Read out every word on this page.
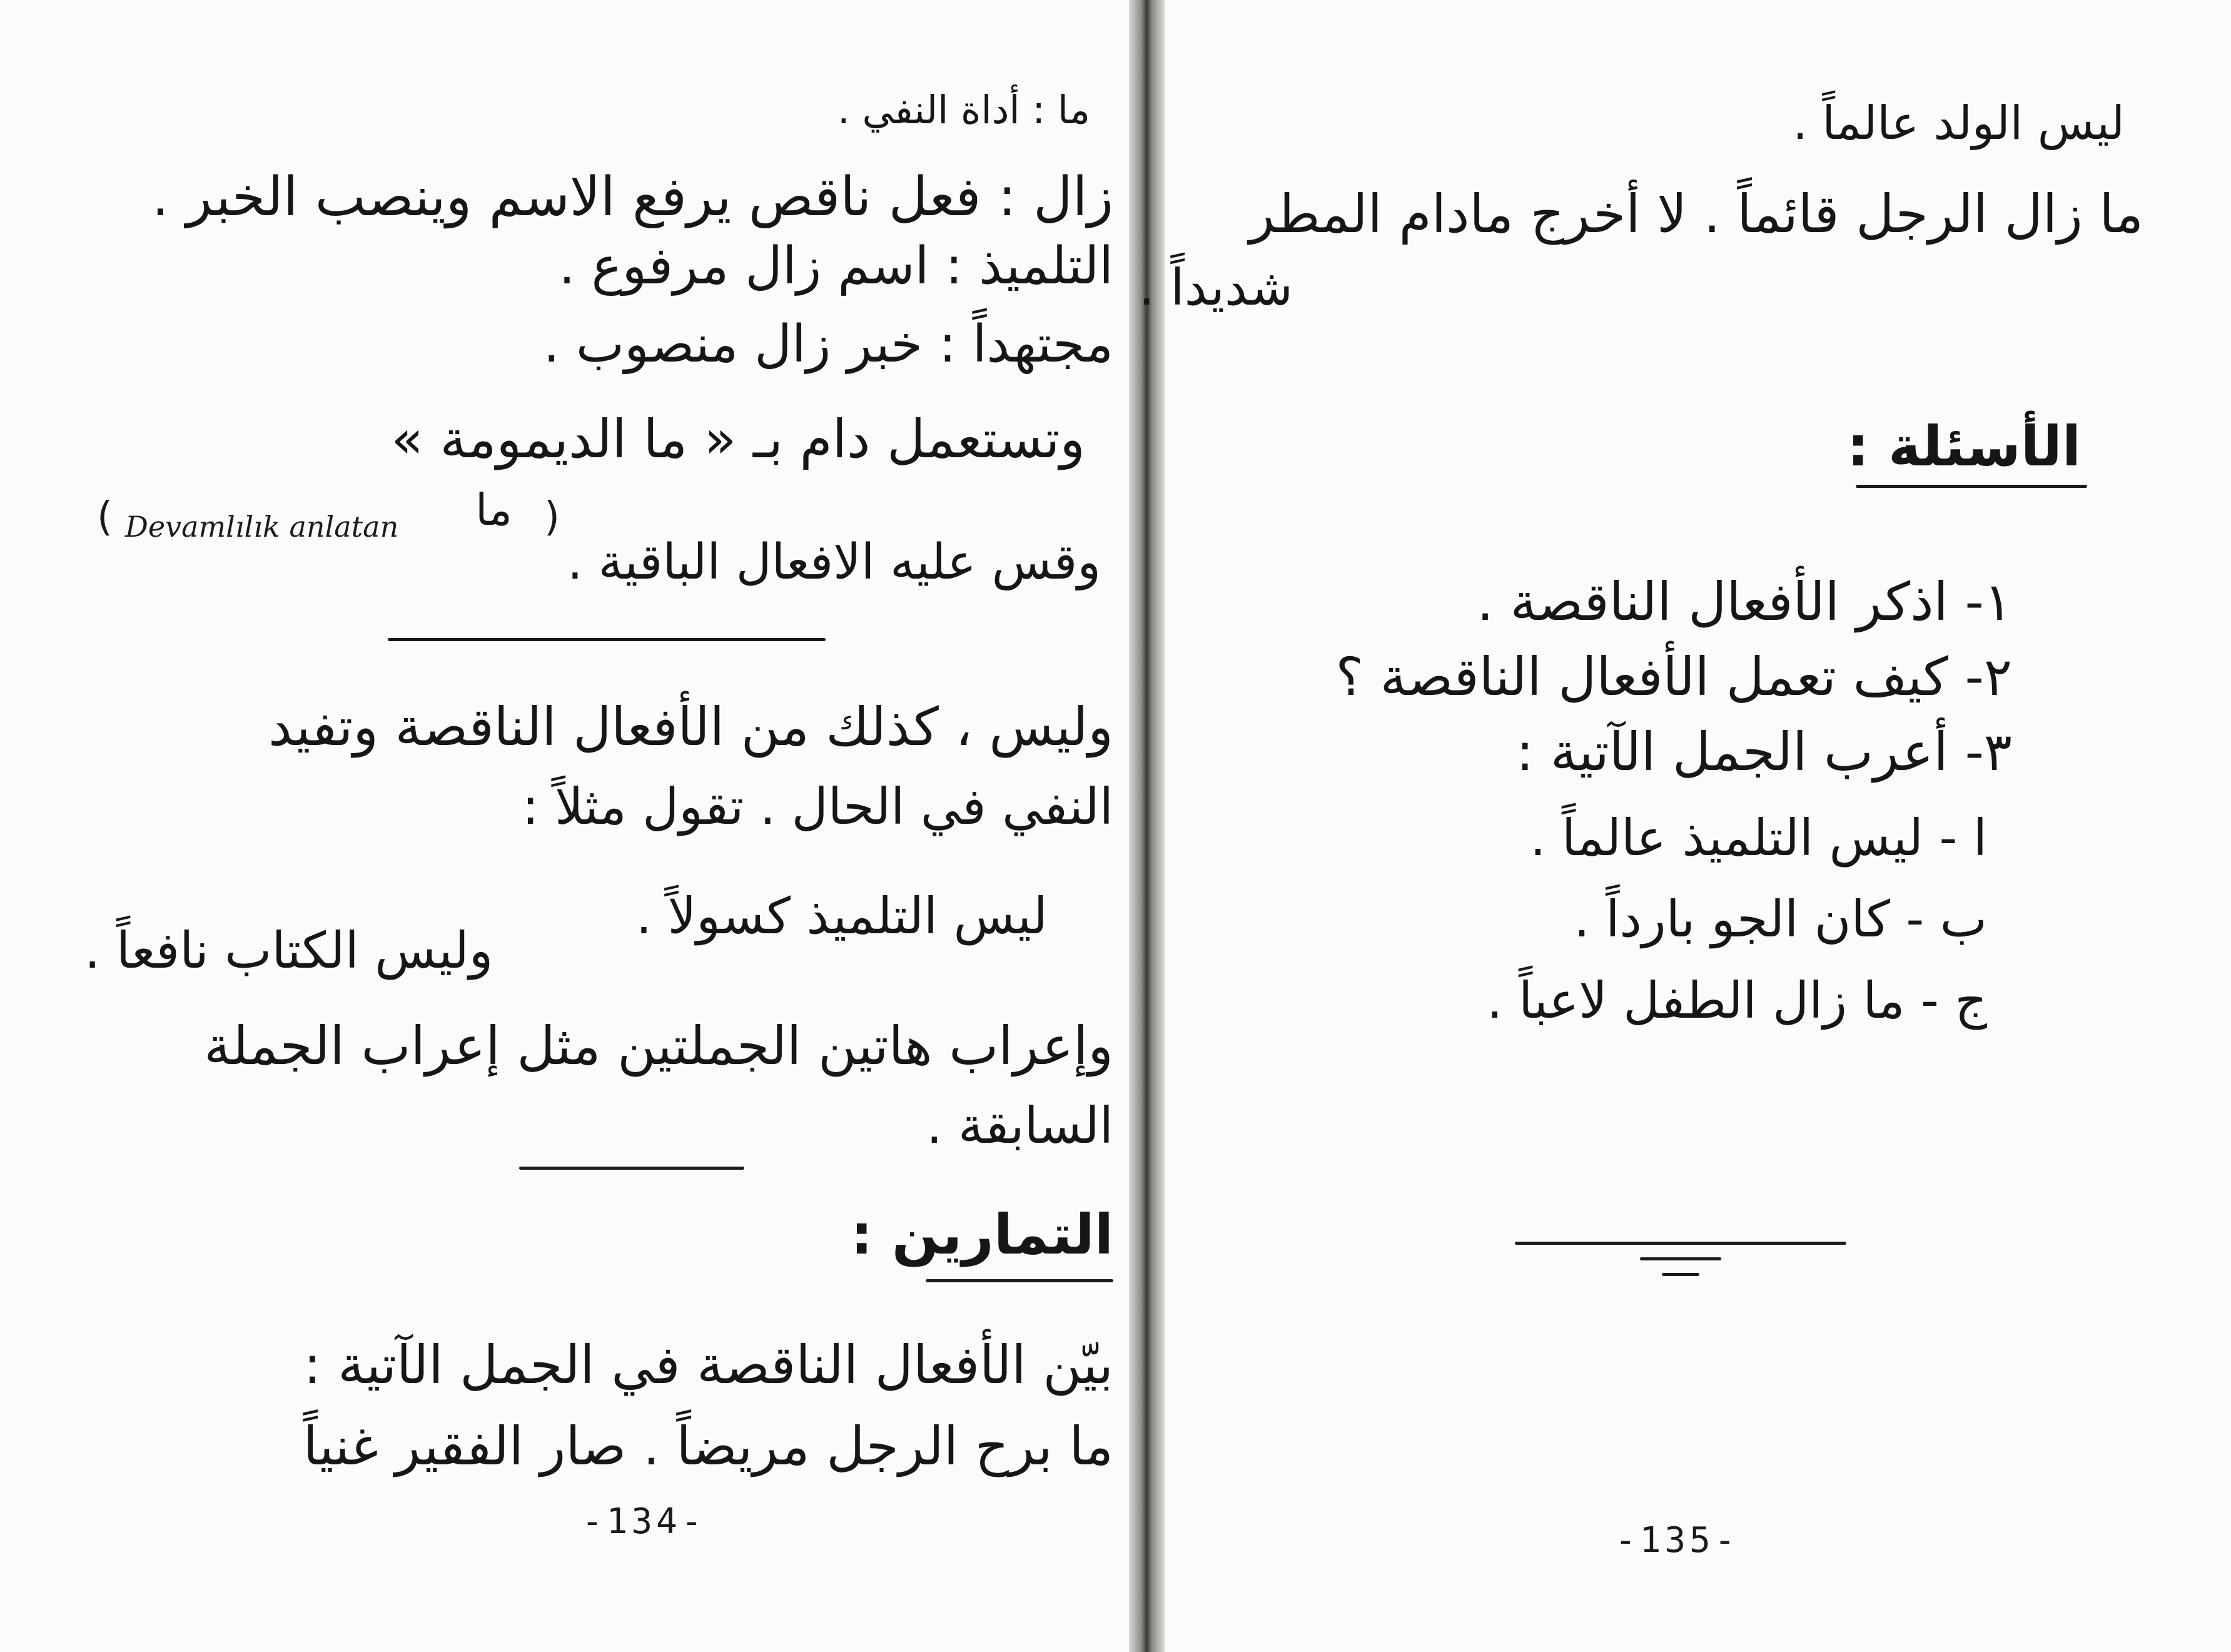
ما : أداة النفي .
زال : فعل ناقص يرفع الاسم وينصب الخبر .
التلميذ : اسم زال مرفوع .
مجتهداً : خبر زال منصوب .
وتستعمل دام بـ « ما الديمومة »
( Devamlılık anlatan ما )
وقس عليه الافعال الباقية .
وليس ، كذلك من الأفعال الناقصة وتفيد
النفي في الحال . تقول مثلاً :
ليس التلميذ كسولاً .
وليس الكتاب نافعاً .
وإعراب هاتين الجملتين مثل إعراب الجملة
السابقة .
التمارين :
بيّن الأفعال الناقصة في الجمل الآتية :
ما برح الرجل مريضاً . صار الفقير غنياً
-134-
ليس الولد عالماً .
ما زال الرجل قائماً . لا أخرج مادام المطر
شديداً .
الأسئلة :
١- اذكر الأفعال الناقصة .
٢- كيف تعمل الأفعال الناقصة ؟
٣- أعرب الجمل الآتية :
ا - ليس التلميذ عالماً .
ب - كان الجو بارداً .
ج - ما زال الطفل لاعباً .
-135-
